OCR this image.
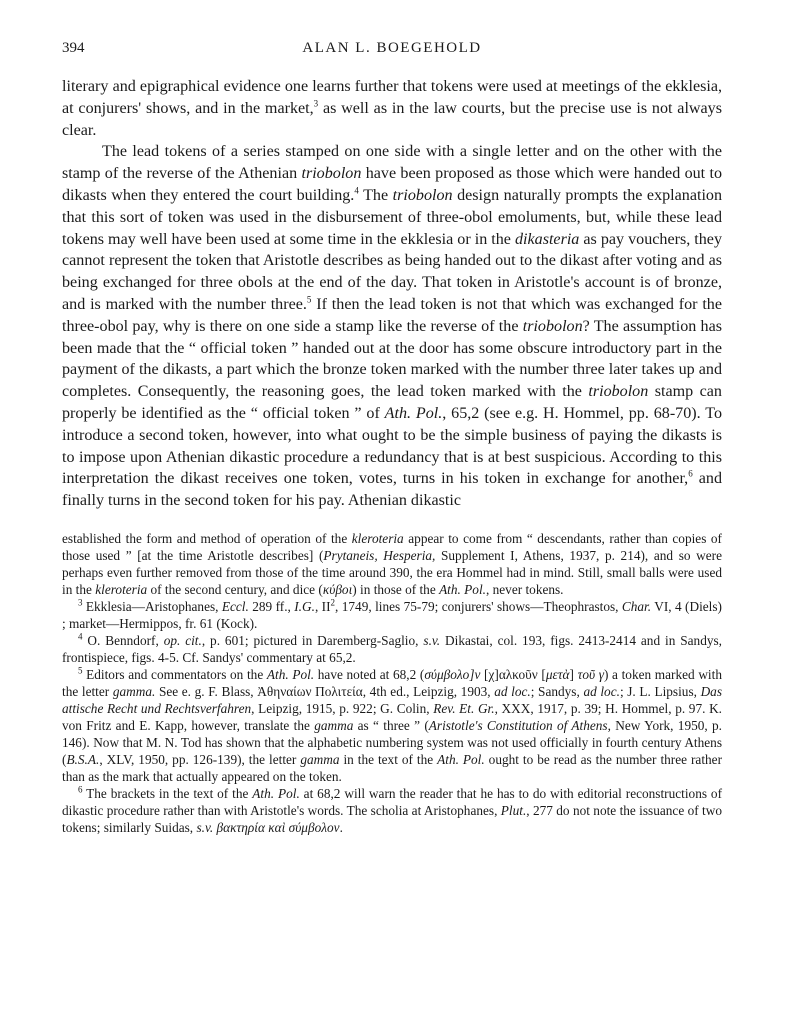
394	ALAN L. BOEGEHOLD

literary and epigraphical evidence one learns further that tokens were used at meetings of the ekklesia, at conjurers' shows, and in the market,$^3$ as well as in the law courts, but the precise use is not always clear.

The lead tokens of a series stamped on one side with a single letter and on the other with the stamp of the reverse of the Athenian triobolon have been proposed as those which were handed out to dikasts when they entered the court building.$^4$ The triobolon design naturally prompts the explanation that this sort of token was used in the disbursement of three-obol emoluments, but, while these lead tokens may well have been used at some time in the ekklesia or in the dikasteria as pay vouchers, they cannot represent the token that Aristotle describes as being handed out to the dikast after voting and as being exchanged for three obols at the end of the day. That token in Aristotle's account is of bronze, and is marked with the number three.$^5$ If then the lead token is not that which was exchanged for the three-obol pay, why is there on one side a stamp like the reverse of the triobolon? The assumption has been made that the “ official token ” handed out at the door has some obscure introductory part in the payment of the dikasts, a part which the bronze token marked with the number three later takes up and completes. Consequently, the reasoning goes, the lead token marked with the triobolon stamp can properly be identified as the “ official token ” of Ath. Pol., 65,2 (see e.g. H. Hommel, pp. 68-70). To introduce a second token, however, into what ought to be the simple business of paying the dikasts is to impose upon Athenian dikastic procedure a redundancy that is at best suspicious. According to this interpretation the dikast receives one token, votes, turns in his token in exchange for another,$^6$ and finally turns in the second token for his pay. Athenian dikastic

established the form and method of operation of the kleroteria appear to come from “ descendants, rather than copies of those used ” [at the time Aristotle describes] (Prytaneis, Hesperia, Supplement I, Athens, 1937, p. 214), and so were perhaps even further removed from those of the time around 390, the era Hommel had in mind. Still, small balls were used in the kleroteria of the second century, and dice (κύβοι) in those of the Ath. Pol., never tokens.

$^3$ Ekklesia—Aristophanes, Eccl. 289 ff., I.G., $II^2$, 1749, lines 75-79; conjurers' shows—Theophrastos, Char. VI, 4 (Diels) ; market—Hermippos, fr. 61 (Kock).

$^4$ O. Benndorf, op. cit., p. 601; pictured in Daremberg-Saglio, s.v. Dikastai, col. 193, figs. 2413-2414 and in Sandys, frontispiece, figs. 4-5. Cf. Sandys' commentary at 65,2.

$^5$ Editors and commentators on the Ath. Pol. have noted at 68,2 (σύμβολο]ν [χ]αλκοῦν [μετὰ] τοῦ γ) a token marked with the letter gamma. See e. g. F. Blass, Ἀθηναίων Πολιτεία, 4th ed., Leipzig, 1903, ad loc.; Sandys, ad loc.; J. L. Lipsius, Das attische Recht und Rechtsverfahren, Leipzig, 1915, p. 922; G. Colin, Rev. Et. Gr., XXX, 1917, p. 39; H. Hommel, p. 97. K. von Fritz and E. Kapp, however, translate the gamma as “ three ” (Aristotle's Constitution of Athens, New York, 1950, p. 146). Now that M. N. Tod has shown that the alphabetic numbering system was not used officially in fourth century Athens (B.S.A., XLV, 1950, pp. 126-139), the letter gamma in the text of the Ath. Pol. ought to be read as the number three rather than as the mark that actually appeared on the token.

$^6$ The brackets in the text of the Ath. Pol. at 68,2 will warn the reader that he has to do with editorial reconstructions of dikastic procedure rather than with Aristotle's words. The scholia at Aristophanes, Plut., 277 do not note the issuance of two tokens; similarly Suidas, s.v. βακτηρία καὶ σύμβολον.
